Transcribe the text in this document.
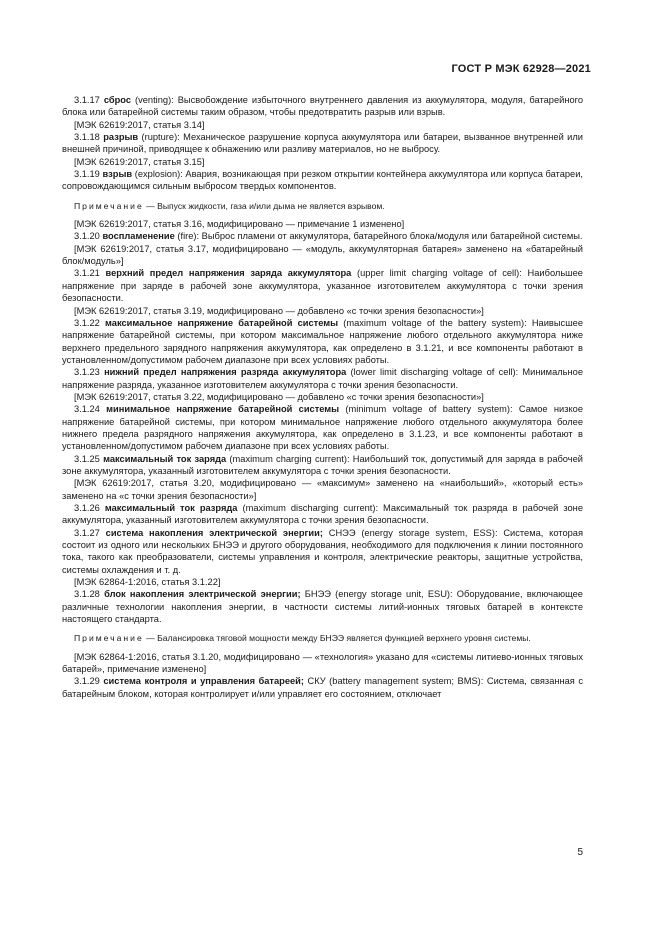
ГОСТ Р МЭК 62928—2021

3.1.17 сброс (venting): Высвобождение избыточного внутреннего давления из аккумулятора, модуля, батарейного блока или батарейной системы таким образом, чтобы предотвратить разрыв или взрыв.

[МЭК 62619:2017, статья 3.14]

3.1.18 разрыв (rupture): Механическое разрушение корпуса аккумулятора или батареи, вызванное внутренней или внешней причиной, приводящее к обнажению или разливу материалов, но не выбросу.

[МЭК 62619:2017, статья 3.15]

3.1.19 взрыв (explosion): Авария, возникающая при резком открытии контейнера аккумулятора или корпуса батареи, сопровождающимся сильным выбросом твердых компонентов.

Примечание — Выпуск жидкости, газа и/или дыма не является взрывом.

[МЭК 62619:2017, статья 3.16, модифицировано — примечание 1 изменено]

3.1.20 воспламенение (fire): Выброс пламени от аккумулятора, батарейного блока/модуля или батарейной системы.

[МЭК 62619:2017, статья 3.17, модифицировано — «модуль, аккумуляторная батарея» заменено на «батарейный блок/модуль»]

3.1.21 верхний предел напряжения заряда аккумулятора (upper limit charging voltage of cell): Наибольшее напряжение при заряде в рабочей зоне аккумулятора, указанное изготовителем аккумулятора с точки зрения безопасности.

[МЭК 62619:2017, статья 3.19, модифицировано — добавлено «с точки зрения безопасности»]

3.1.22 максимальное напряжение батарейной системы (maximum voltage of the battery system): Наивысшее напряжение батарейной системы, при котором максимальное напряжение любого отдельного аккумулятора ниже верхнего предельного зарядного напряжения аккумулятора, как определено в 3.1.21, и все компоненты работают в установленном/допустимом рабочем диапазоне при всех условиях работы.

3.1.23 нижний предел напряжения разряда аккумулятора (lower limit discharging voltage of cell): Минимальное напряжение разряда, указанное изготовителем аккумулятора с точки зрения безопасности.

[МЭК 62619:2017, статья 3.22, модифицировано — добавлено «с точки зрения безопасности»]

3.1.24 минимальное напряжение батарейной системы (minimum voltage of battery system): Самое низкое напряжение батарейной системы, при котором минимальное напряжение любого отдельного аккумулятора более нижнего предела разрядного напряжения аккумулятора, как определено в 3.1.23, и все компоненты работают в установленном/допустимом рабочем диапазоне при всех условиях работы.

3.1.25 максимальный ток заряда (maximum charging current): Наибольший ток, допустимый для заряда в рабочей зоне аккумулятора, указанный изготовителем аккумулятора с точки зрения безопасности.

[МЭК 62619:2017, статья 3.20, модифицировано — «максимум» заменено на «наибольший», «который есть» заменено на «с точки зрения безопасности»]

3.1.26 максимальный ток разряда (maximum discharging current): Максимальный ток разряда в рабочей зоне аккумулятора, указанный изготовителем аккумулятора с точки зрения безопасности.

3.1.27 система накопления электрической энергии; СНЭЭ (energy storage system, ESS): Система, которая состоит из одного или нескольких БНЭЭ и другого оборудования, необходимого для подключения к линии постоянного тока, такого как преобразователи, системы управления и контроля, электрические реакторы, защитные устройства, системы охлаждения и т. д.

[МЭК 62864-1:2016, статья 3.1.22]

3.1.28 блок накопления электрической энергии; БНЭЭ (energy storage unit, ESU): Оборудование, включающее различные технологии накопления энергии, в частности системы литий-ионных тяговых батарей в контексте настоящего стандарта.

Примечание — Балансировка тяговой мощности между БНЭЭ является функцией верхнего уровня системы.

[МЭК 62864-1:2016, статья 3.1.20, модифицировано — «технология» указано для «системы литиево-ионных тяговых батарей», примечание изменено]

3.1.29 система контроля и управления батареей; СКУ (battery management system; BMS): Система, связанная с батарейным блоком, которая контролирует и/или управляет его состоянием, отключает

5
